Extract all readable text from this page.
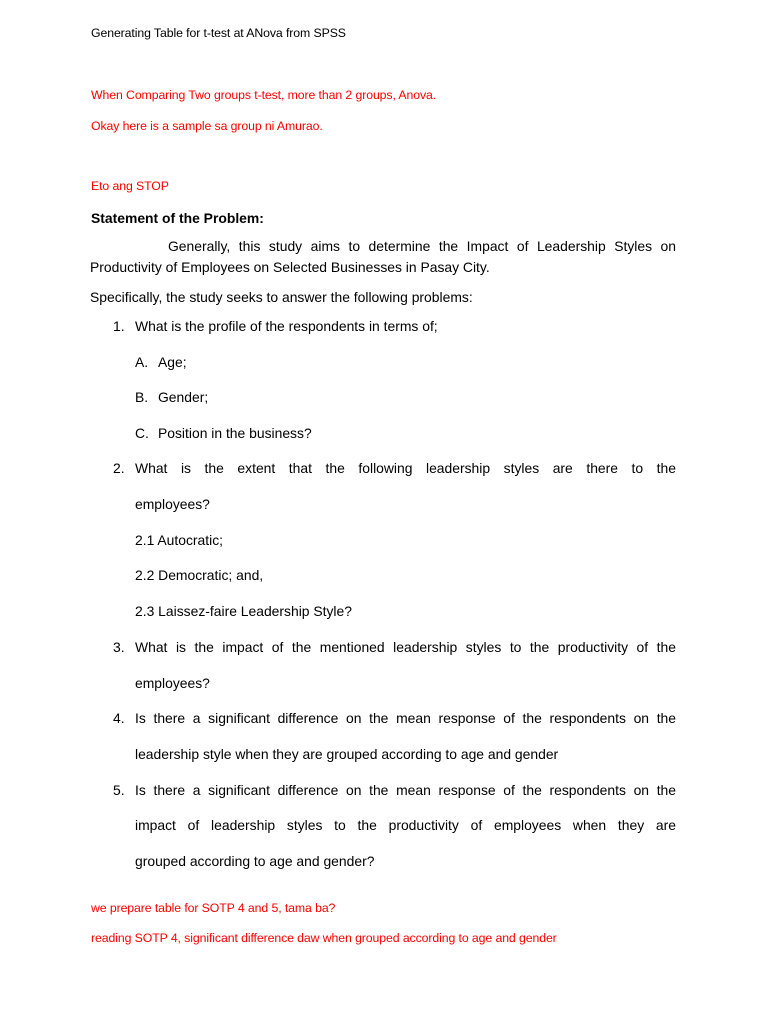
Generating Table for t-test at ANova from SPSS
When Comparing Two groups t-test, more than 2 groups, Anova.
Okay here is a sample sa group ni Amurao.
Eto ang STOP
Statement of the Problem:
Generally, this study aims to determine the Impact of Leadership Styles on
Productivity of Employees on Selected Businesses in Pasay City.
Specifically, the study seeks to answer the following problems:
1. What is the profile of the respondents in terms of;
A. Age;
B. Gender;
C. Position in the business?
2. What is the extent that the following leadership styles are there to the
employees?
2.1 Autocratic;
2.2 Democratic; and,
2.3 Laissez-faire Leadership Style?
3. What is the impact of the mentioned leadership styles to the productivity of the
employees?
4. Is there a significant difference on the mean response of the respondents on the
leadership style when they are grouped according to age and gender
5. Is there a significant difference on the mean response of the respondents on the
impact of leadership styles to the productivity of employees when they are
grouped according to age and gender?
we prepare table for SOTP 4 and 5, tama ba?
reading SOTP 4, significant difference daw when grouped according to age and gender
